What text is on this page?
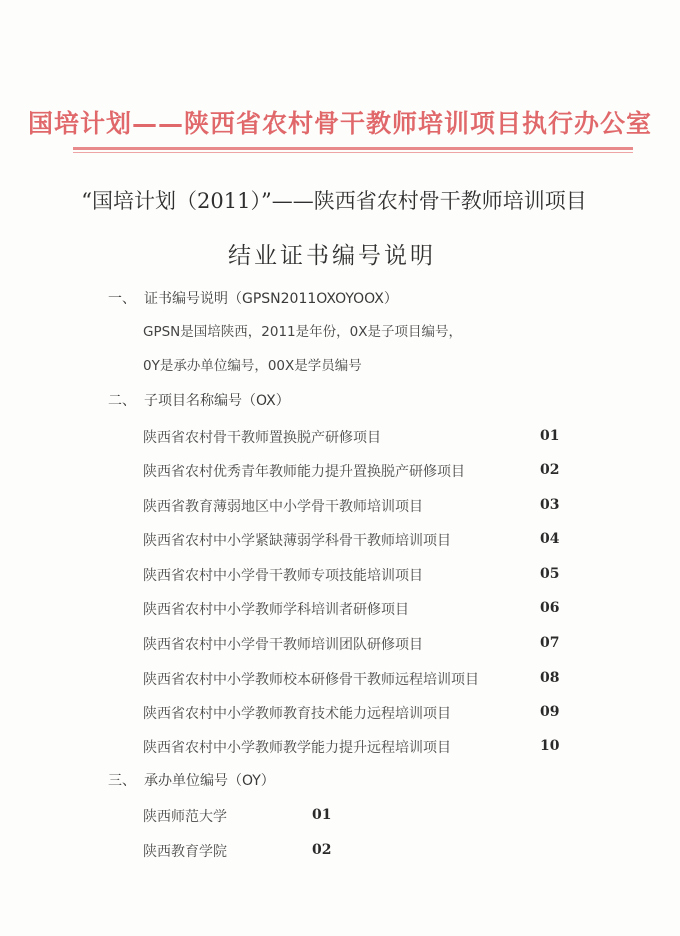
国培计划——陕西省农村骨干教师培训项目执行办公室
“国培计划（2011）”——陕西省农村骨干教师培训项目
结业证书编号说明
一、 证书编号说明（GPSN2011OXOYOOX）
GPSN是国培陕西，2011是年份，0X是子项目编号，
0Y是承办单位编号，00X是学员编号
二、 子项目名称编号（OX）
陕西省农村骨干教师置换脱产研修项目	01
陕西省农村优秀青年教师能力提升置换脱产研修项目	02
陕西省教育薄弱地区中小学骨干教师培训项目	03
陕西省农村中小学紧缺薄弱学科骨干教师培训项目	04
陕西省农村中小学骨干教师专项技能培训项目	05
陕西省农村中小学教师学科培训者研修项目	06
陕西省农村中小学骨干教师培训团队研修项目	07
陕西省农村中小学教师校本研修骨干教师远程培训项目	08
陕西省农村中小学教师教育技术能力远程培训项目	09
陕西省农村中小学教师教学能力提升远程培训项目	10
三、 承办单位编号（OY）
陕西师范大学	01
陕西教育学院	02
